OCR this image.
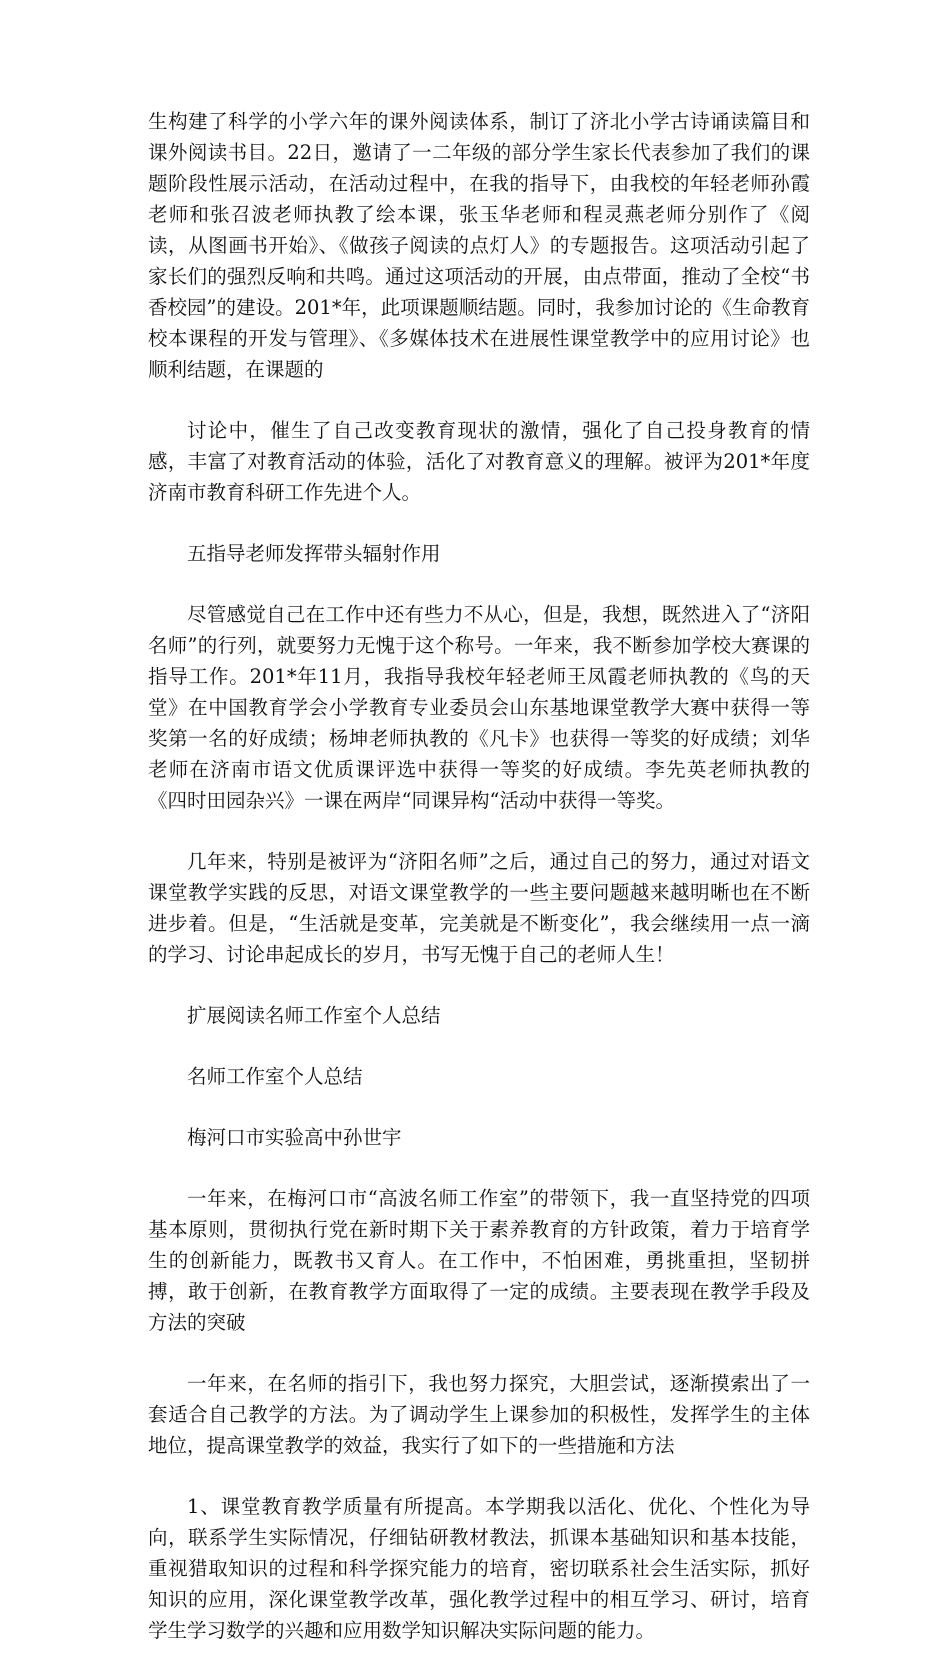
生构建了科学的小学六年的课外阅读体系，制订了济北小学古诗诵读篇目和课外阅读书目。22日，邀请了一二年级的部分学生家长代表参加了我们的课题阶段性展示活动，在活动过程中，在我的指导下，由我校的年轻老师孙霞老师和张召波老师执教了绘本课，张玉华老师和程灵燕老师分别作了《阅读，从图画书开始》、《做孩子阅读的点灯人》的专题报告。这项活动引起了家长们的强烈反响和共鸣。通过这项活动的开展，由点带面，推动了全校“书香校园”的建设。201*年，此项课题顺结题。同时，我参加讨论的《生命教育校本课程的开发与管理》、《多媒体技术在进展性课堂教学中的应用讨论》也顺利结题，在课题的

讨论中，催生了自己改变教育现状的激情，强化了自己投身教育的情感，丰富了对教育活动的体验，活化了对教育意义的理解。被评为201*年度济南市教育科研工作先进个人。

五指导老师发挥带头辐射作用

尽管感觉自己在工作中还有些力不从心，但是，我想，既然进入了“济阳名师”的行列，就要努力无愧于这个称号。一年来，我不断参加学校大赛课的指导工作。201*年11月，我指导我校年轻老师王凤霞老师执教的《鸟的天堂》在中国教育学会小学教育专业委员会山东基地课堂教学大赛中获得一等奖第一名的好成绩；杨坤老师执教的《凡卡》也获得一等奖的好成绩；刘华老师在济南市语文优质课评选中获得一等奖的好成绩。李先英老师执教的《四时田园杂兴》一课在两岸“同课异构“活动中获得一等奖。

几年来，特别是被评为“济阳名师”之后，通过自己的努力，通过对语文课堂教学实践的反思，对语文课堂教学的一些主要问题越来越明晰也在不断进步着。但是，“生活就是变革，完美就是不断变化”，我会继续用一点一滴的学习、讨论串起成长的岁月，书写无愧于自己的老师人生！

扩展阅读名师工作室个人总结

名师工作室个人总结

梅河口市实验高中孙世宇

一年来，在梅河口市“高波名师工作室”的带领下，我一直坚持党的四项基本原则，贯彻执行党在新时期下关于素养教育的方针政策，着力于培育学生的创新能力，既教书又育人。在工作中，不怕困难，勇挑重担，坚韧拼搏，敢于创新，在教育教学方面取得了一定的成绩。主要表现在教学手段及方法的突破

一年来，在名师的指引下，我也努力探究，大胆尝试，逐渐摸索出了一套适合自己教学的方法。为了调动学生上课参加的积极性，发挥学生的主体地位，提高课堂教学的效益，我实行了如下的一些措施和方法

1、课堂教育教学质量有所提高。本学期我以活化、优化、个性化为导向，联系学生实际情况，仔细钻研教材教法，抓课本基础知识和基本技能，重视猎取知识的过程和科学探究能力的培育，密切联系社会生活实际，抓好知识的应用，深化课堂教学改革，强化教学过程中的相互学习、研讨，培育学生学习数学的兴趣和应用数学知识解决实际问题的能力。
